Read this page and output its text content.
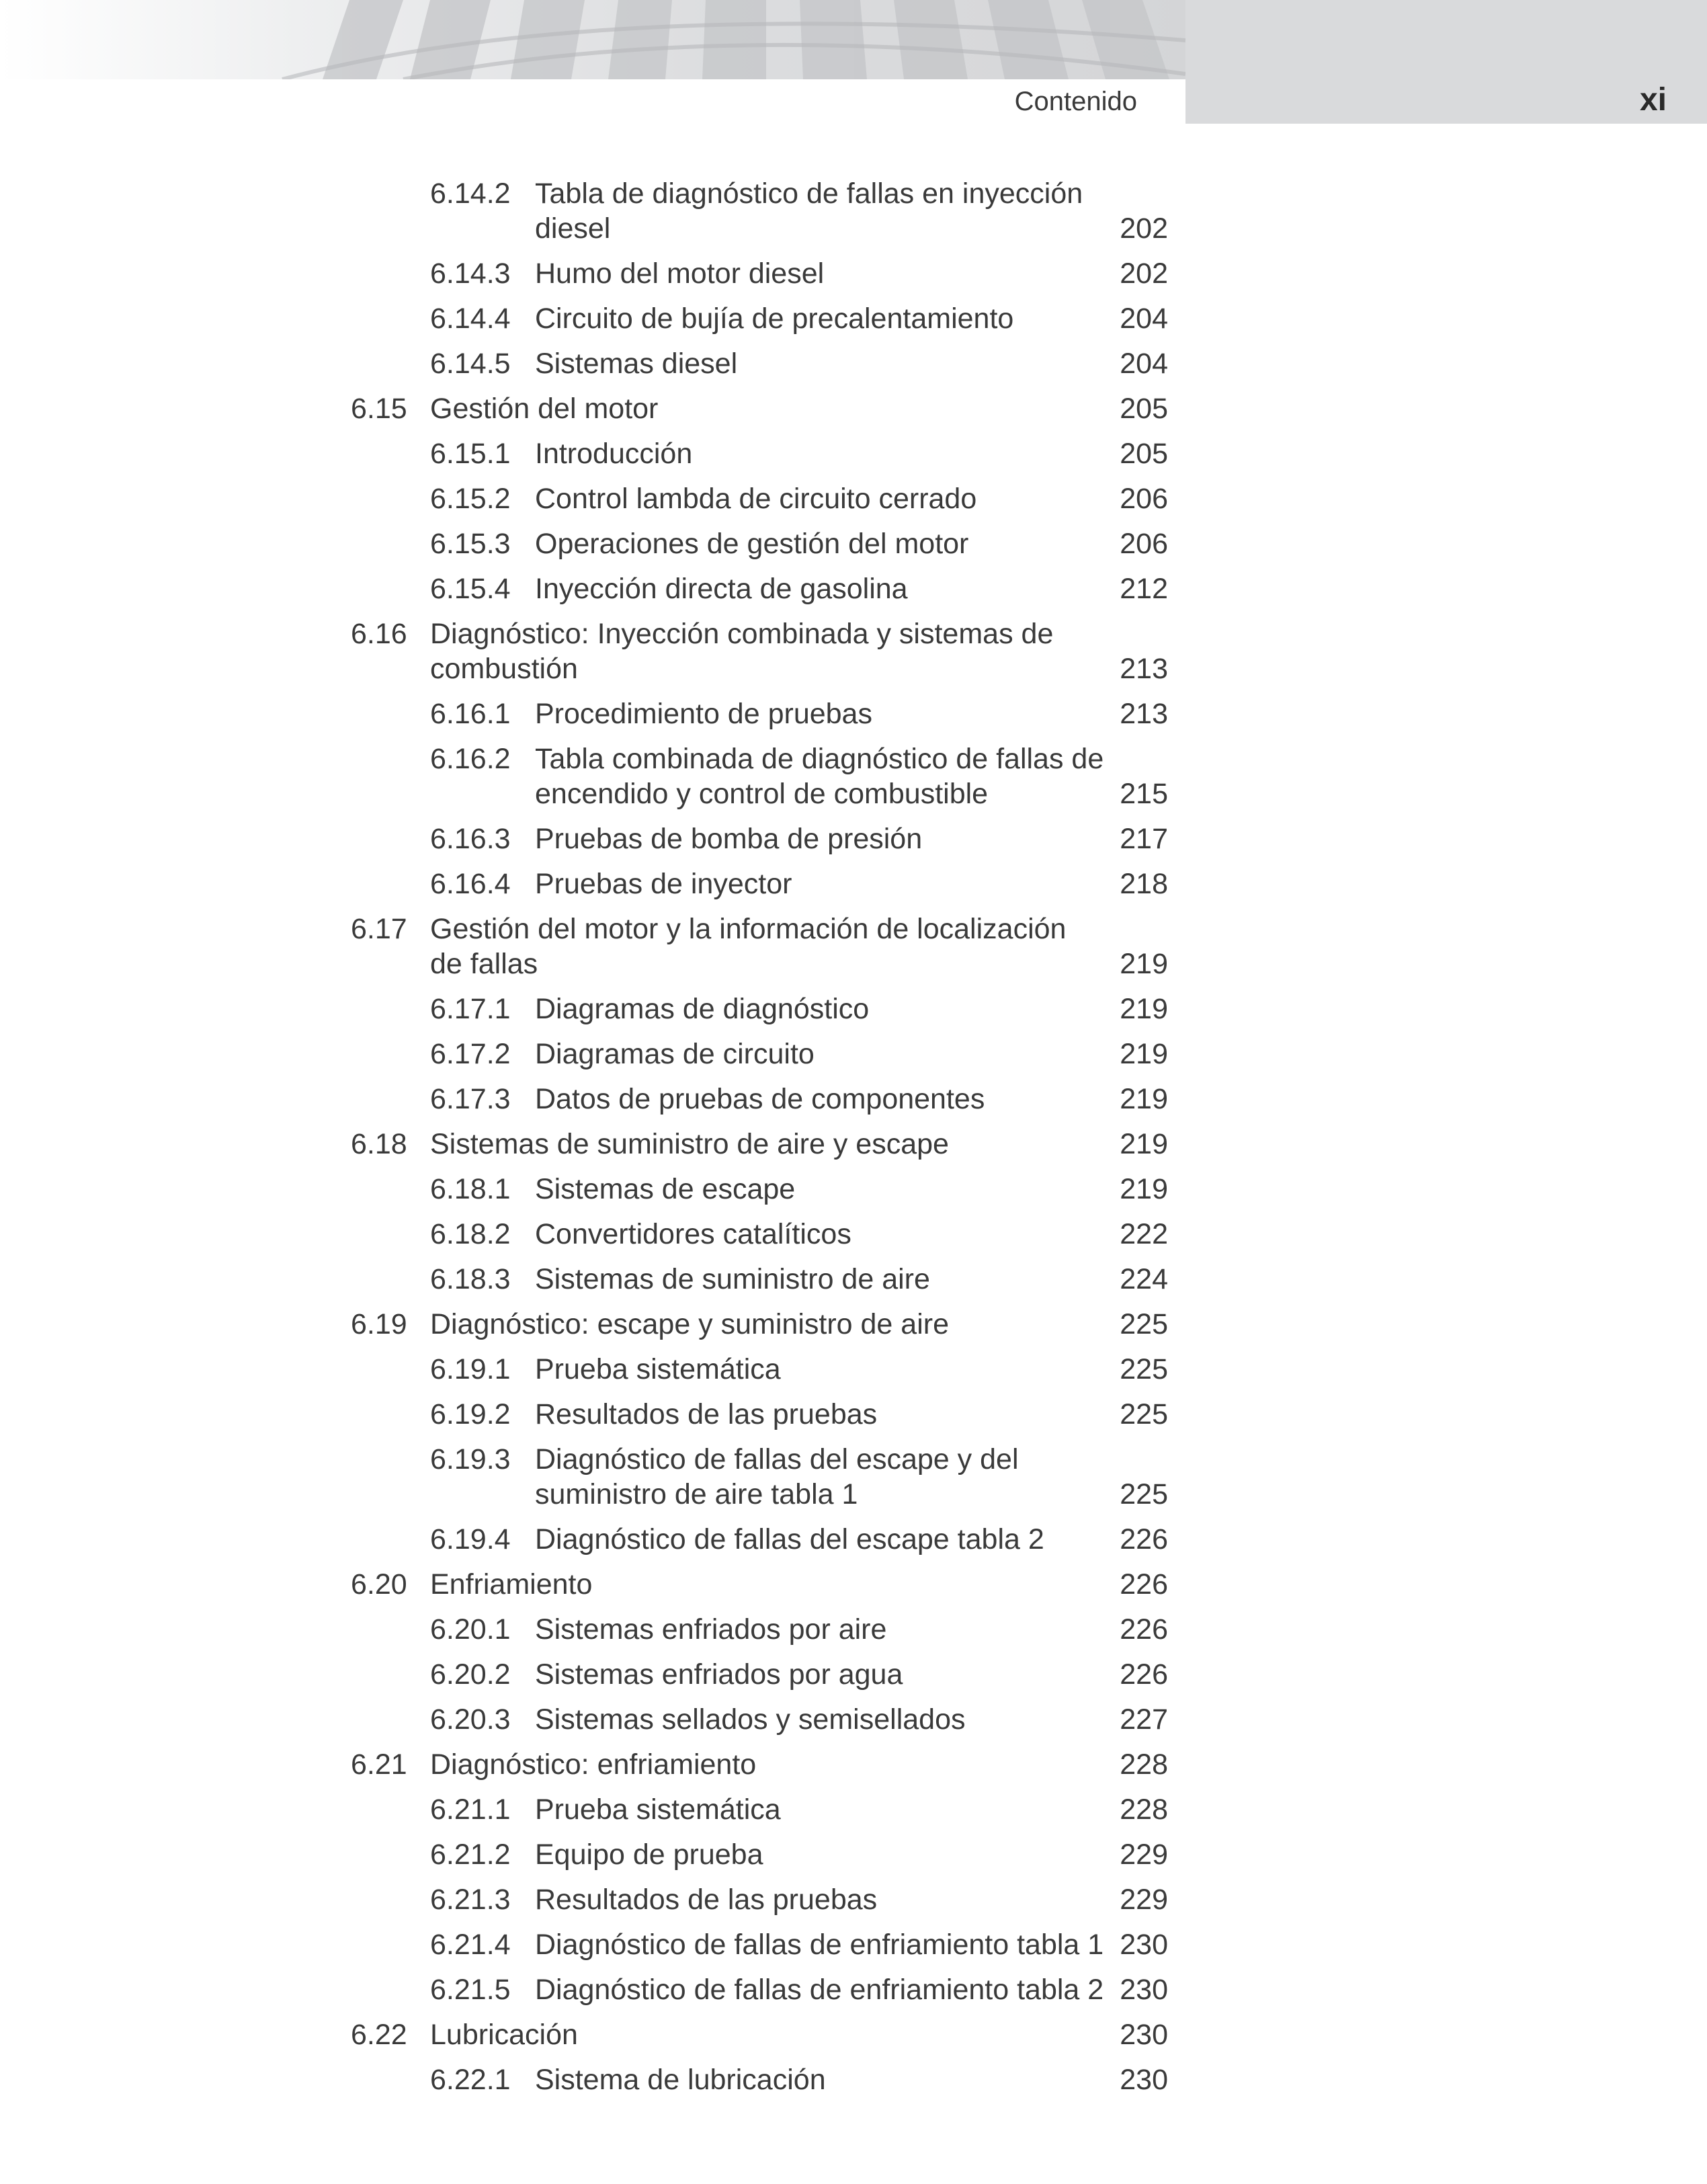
Contenido	xi
6.14.2 Tabla de diagnóstico de fallas en inyección diesel	202
6.14.3 Humo del motor diesel	202
6.14.4 Circuito de bujía de precalentamiento	204
6.14.5 Sistemas diesel	204
6.15 Gestión del motor	205
6.15.1 Introducción	205
6.15.2 Control lambda de circuito cerrado	206
6.15.3 Operaciones de gestión del motor	206
6.15.4 Inyección directa de gasolina	212
6.16 Diagnóstico: Inyección combinada y sistemas de combustión	213
6.16.1 Procedimiento de pruebas	213
6.16.2 Tabla combinada de diagnóstico de fallas de encendido y control de combustible	215
6.16.3 Pruebas de bomba de presión	217
6.16.4 Pruebas de inyector	218
6.17 Gestión del motor y la información de localización de fallas	219
6.17.1 Diagramas de diagnóstico	219
6.17.2 Diagramas de circuito	219
6.17.3 Datos de pruebas de componentes	219
6.18 Sistemas de suministro de aire y escape	219
6.18.1 Sistemas de escape	219
6.18.2 Convertidores catalíticos	222
6.18.3 Sistemas de suministro de aire	224
6.19 Diagnóstico: escape y suministro de aire	225
6.19.1 Prueba sistemática	225
6.19.2 Resultados de las pruebas	225
6.19.3 Diagnóstico de fallas del escape y del suministro de aire tabla 1	225
6.19.4 Diagnóstico de fallas del escape tabla 2	226
6.20 Enfriamiento	226
6.20.1 Sistemas enfriados por aire	226
6.20.2 Sistemas enfriados por agua	226
6.20.3 Sistemas sellados y semisellados	227
6.21 Diagnóstico: enfriamiento	228
6.21.1 Prueba sistemática	228
6.21.2 Equipo de prueba	229
6.21.3 Resultados de las pruebas	229
6.21.4 Diagnóstico de fallas de enfriamiento tabla 1 230
6.21.5 Diagnóstico de fallas de enfriamiento tabla 2 230
6.22 Lubricación	230
6.22.1 Sistema de lubricación	230
